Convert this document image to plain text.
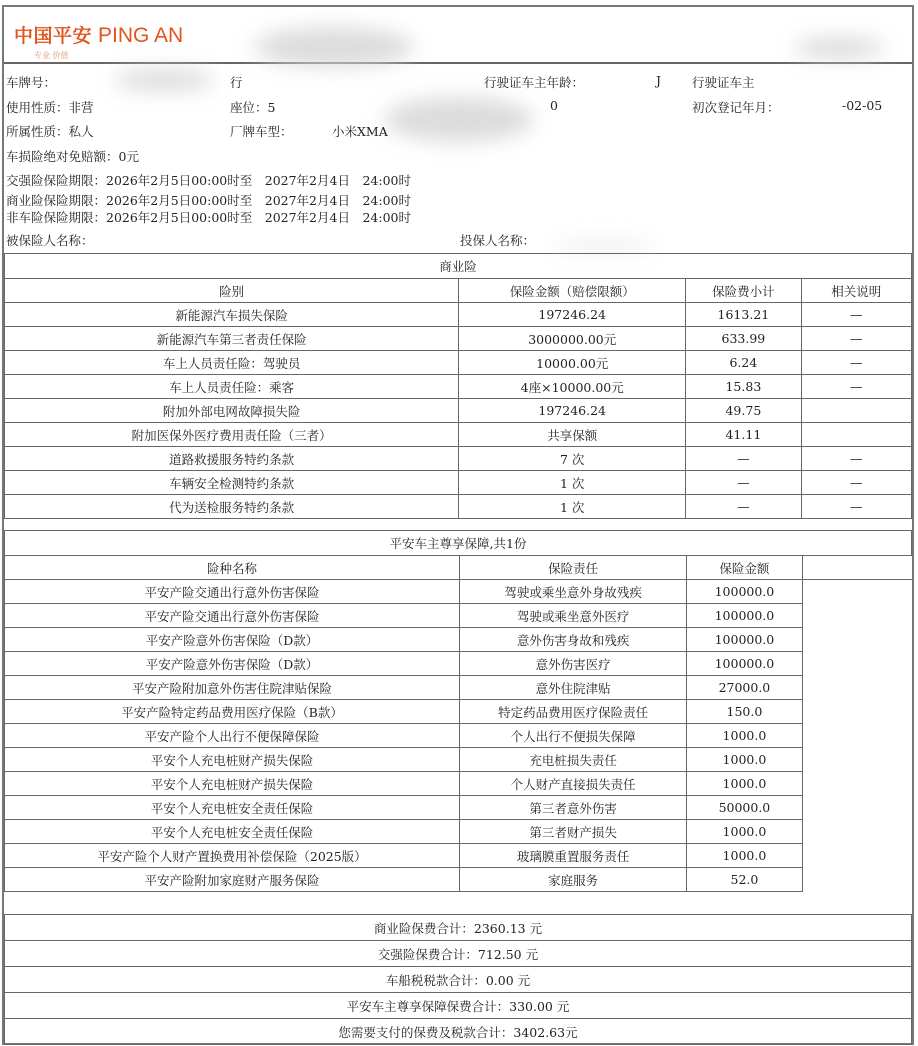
中国平安 PING AN
专业 价值
车牌号：	行	行驶证车主年龄：	J 行驶证车主
使用性质：非营	座位：5	0	初次登记年月：	-02-05
所属性质：私人	厂牌车型：	小米XMA
车损险绝对免赔额：0元
交强险保险期限：2026年2月5日00:00时至　2027年2月4日　24:00时
商业险保险期限：2026年2月5日00:00时至　2027年2月4日　24:00时
非车险保险期限：2026年2月5日00:00时至　2027年2月4日　24:00时
被保险人名称：	投保人名称：
商业险			
险别	保险金额（赔偿限额）	保险费小计	相关说明
新能源汽车损失保险	197246.24	1613.21	—
新能源汽车第三者责任保险	3000000.00元	633.99	—
车上人员责任险：驾驶员	10000.00元	6.24	—
车上人员责任险：乘客	4座×10000.00元	15.83	—
附加外部电网故障损失险	197246.24	49.75	
附加医保外医疗费用责任险（三者）	共享保额	41.11	
道路救援服务特约条款	7 次	—	—
车辆安全检测特约条款	1 次	—	—
代为送检服务特约条款	1 次	—	—
平安车主尊享保障,共1份			
险种名称	保险责任	保险金额	
平安产险交通出行意外伤害保险	驾驶或乘坐意外身故残疾	100000.0	
平安产险交通出行意外伤害保险	驾驶或乘坐意外医疗	100000.0	
平安产险意外伤害保险（D款）	意外伤害身故和残疾	100000.0	
平安产险意外伤害保险（D款）	意外伤害医疗	100000.0	
平安产险附加意外伤害住院津贴保险	意外住院津贴	27000.0	
平安产险特定药品费用医疗保险（B款）	特定药品费用医疗保险责任	150.0	
平安产险个人出行不便保障保险	个人出行不便损失保障	1000.0	
平安个人充电桩财产损失保险	充电桩损失责任	1000.0	
平安个人充电桩财产损失保险	个人财产直接损失责任	1000.0	
平安个人充电桩安全责任保险	第三者意外伤害	50000.0	
平安个人充电桩安全责任保险	第三者财产损失	1000.0	
平安产险个人财产置换费用补偿保险（2025版）	玻璃膜重置服务责任	1000.0	
平安产险附加家庭财产服务保险	家庭服务	52.0	
商业险保费合计：2360.13 元
交强险保费合计：712.50 元
车船税税款合计：0.00 元
平安车主尊享保障保费合计：330.00 元
您需要支付的保费及税款合计：3402.63元
